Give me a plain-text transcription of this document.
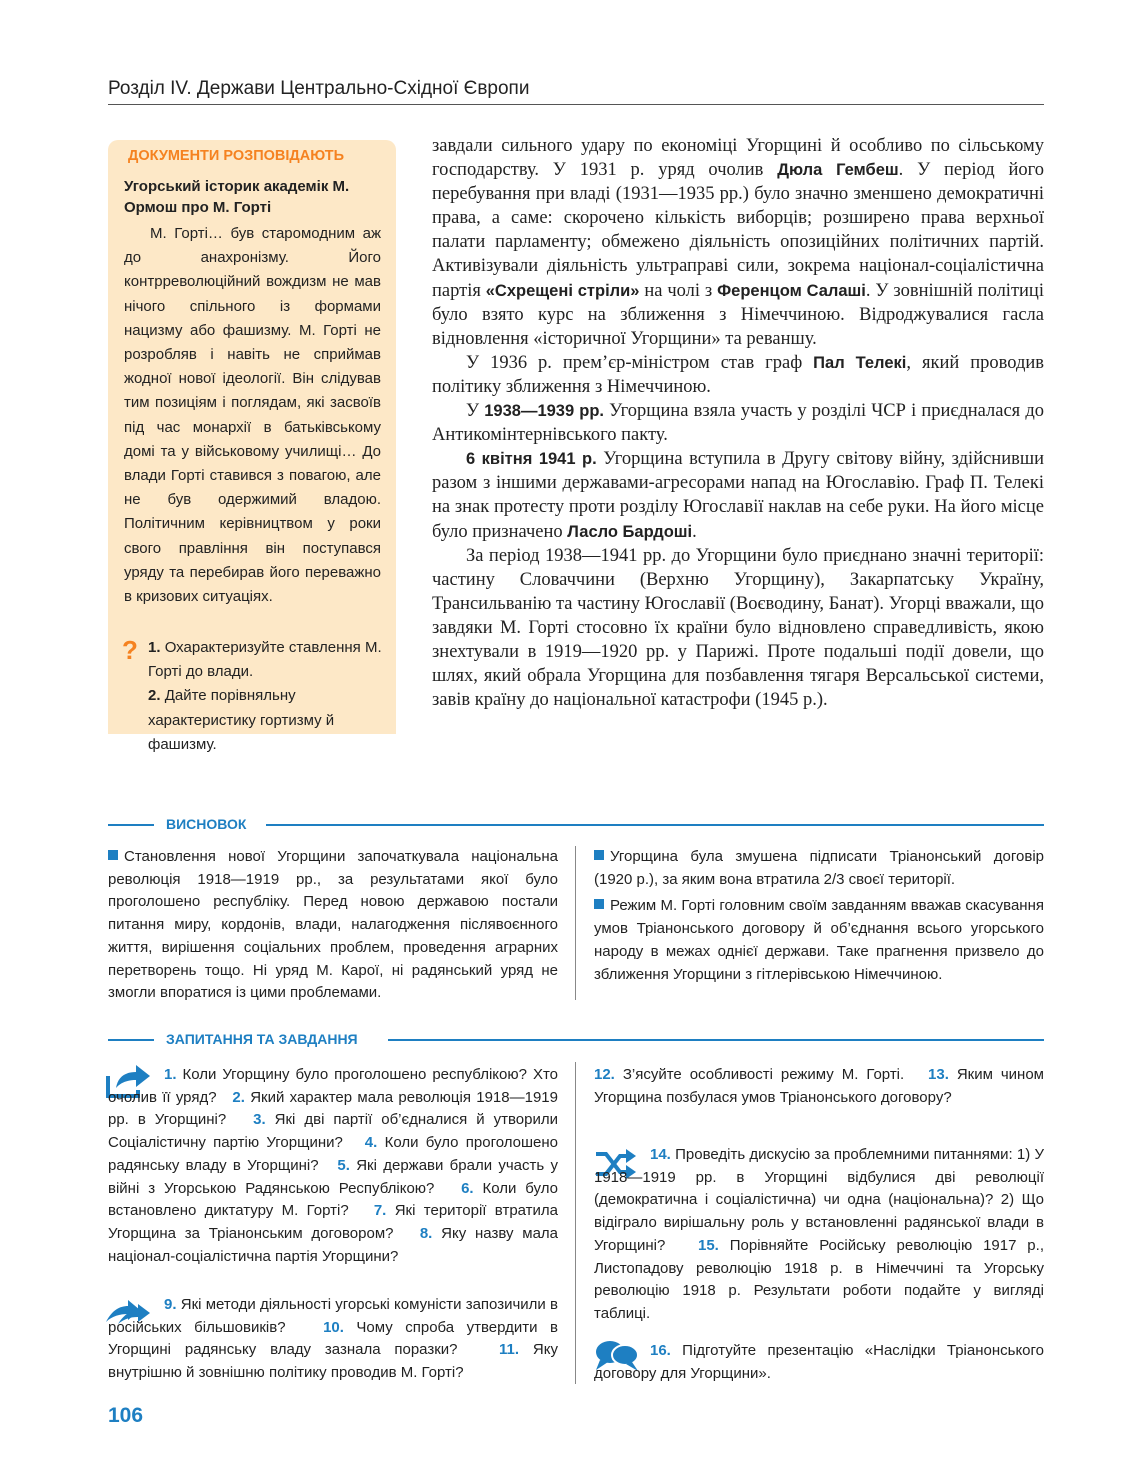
Розділ IV. Держави Центрально-Східної Європи
ДОКУМЕНТИ РОЗПОВІДАЮТЬ
Угорський історик академік М. Ормош про М. Горті
М. Горті… був старомодним аж до анахронізму. Його контрреволюційний вождизм не мав нічого спільного із формами нацизму або фашизму. М. Горті не розробляв і навіть не сприймав жодної нової ідеології. Він слідував тим позиціям і поглядам, які засвоїв під час монархії в батьківському домі та у військовому училищі… До влади Горті ставився з повагою, але не був одержимий владою. Політичним керівництвом у роки свого правління він поступався уряду та перебирав його переважно в кризових ситуаціях.
? 1. Охарактеризуйте ставлення М. Горті до влади.
2. Дайте порівняльну характеристику гортизму й фашизму.

завдали сильного удару по економіці Угорщині й особливо по сільському господарству. У 1931 р. уряд очолив Дюла Гембеш. У період його перебування при владі (1931—1935 рр.) було значно зменшено демократичні права, а саме: скорочено кількість виборців; розширено права верхньої палати парламенту; обмежено діяльність опозиційних політичних партій. Активізували діяльність ультраправі сили, зокрема націонал-соціалістична партія «Схрещені стріли» на чолі з Ференцом Салаші. У зовнішній політиці було взято курс на зближення з Німеччиною. Відроджувалися гасла відновлення «історичної Угорщини» та реваншу.

У 1936 р. прем’єр-міністром став граф Пал Телекі, який проводив політику зближення з Німеччиною.

У 1938—1939 рр. Угорщина взяла участь у розділі ЧСР і приєдналася до Антикомінтернівського пакту.

6 квітня 1941 р. Угорщина вступила в Другу світову війну, здійснивши разом з іншими державами-агресорами напад на Югославію. Граф П. Телекі на знак протесту проти розділу Югославії наклав на себе руки. На його місце було призначено Ласло Бардоші.

За період 1938—1941 рр. до Угорщини було приєднано значні території: частину Словаччини (Верхню Угорщину), Закарпатську Україну, Трансильванію та частину Югославії (Воєводину, Банат). Угорці вважали, що завдяки М. Горті стосовно їх країни було відновлено справедливість, якою знехтували в 1919—1920 рр. у Парижі. Проте подальші події довели, що шлях, який обрала Угорщина для позбавлення тягаря Версальської системи, завів країну до національної катастрофи (1945 р.).

ВИСНОВОК

Становлення нової Угорщини започаткувала національна революція 1918—1919 рр., за результатами якої було проголошено республіку. Перед новою державою постали питання миру, кордонів, влади, налагодження післявоєнного життя, вирішення соціальних проблем, проведення аграрних перетворень тощо. Ні уряд М. Карої, ні радянський уряд не змогли впоратися із цими проблемами.

Угорщина була змушена підписати Тріанонський договір (1920 р.), за яким вона втратила 2/3 своєї території.

Режим М. Горті головним своїм завданням вважав скасування умов Тріанонського договору й об’єднання всього угорського народу в межах однієї держави. Таке прагнення призвело до зближення Угорщини з гітлерівською Німеччиною.

ЗАПИТАННЯ ТА ЗАВДАННЯ

1. Коли Угорщину було проголошено республікою? Хто очолив її уряд? 2. Який характер мала революція 1918—1919 рр. в Угорщині? 3. Які дві партії об’єдналися й утворили Соціалістичну партію Угорщини? 4. Коли було проголошено радянську владу в Угорщині? 5. Які держави брали участь у війні з Угорською Радянською Республікою? 6. Коли було встановлено диктатуру М. Горті? 7. Які території втратила Угорщина за Тріанонським договором? 8. Яку назву мала націонал-соціалістична партія Угорщини?

9. Які методи діяльності угорські комуністи запозичили в російських більшовиків? 10. Чому спроба утвердити в Угорщині радянську владу зазнала поразки?	11. Яку внутрішню й зовнішню політику проводив М. Горті?

12. З’ясуйте особливості режиму М. Горті. 13. Яким чином Угорщина позбулася умов Тріанонського договору?

14. Проведіть дискусію за проблемними питаннями: 1) У 1918—1919 рр. в Угорщині відбулися дві революції (демократична і соціалістична) чи одна (національна)? 2) Що відіграло вирішальну роль у встановленні радянської влади в Угорщині? 15. Порівняйте Російську революцію 1917 р., Листопадову революцію 1918 р. в Німеччині та Угорську революцію 1918 р. Результати роботи подайте у вигляді таблиці.

16. Підготуйте презентацію «Наслідки Тріанонського договору для Угорщини».

106
